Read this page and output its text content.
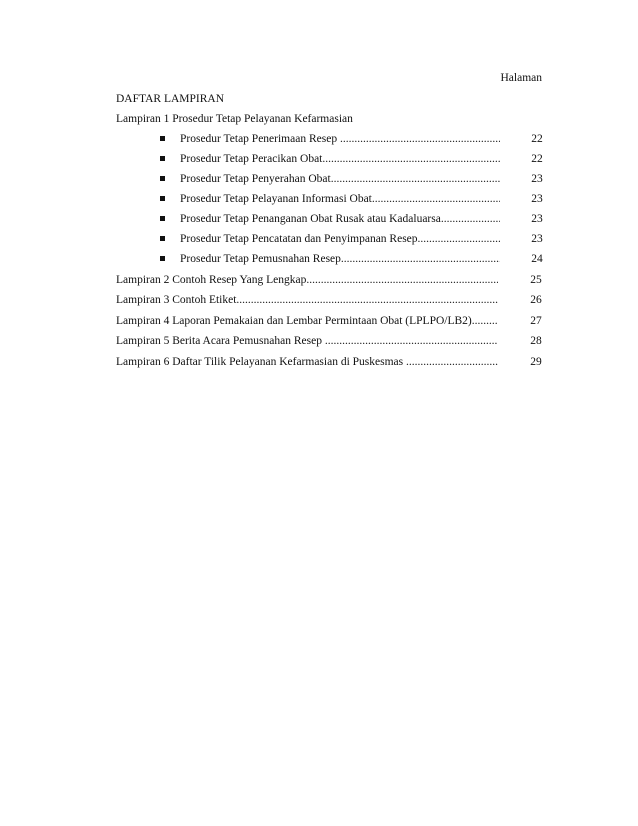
Halaman
DAFTAR LAMPIRAN
Lampiran 1 Prosedur Tetap Pelayanan Kefarmasian
Prosedur Tetap Penerimaan Resep .....	22
Prosedur Tetap Peracikan Obat .....	22
Prosedur Tetap Penyerahan Obat .....	23
Prosedur Tetap Pelayanan Informasi Obat .....	23
Prosedur Tetap Penanganan Obat Rusak atau Kadaluarsa .....	23
Prosedur Tetap Pencatatan dan Penyimpanan Resep .....	23
Prosedur Tetap Pemusnahan Resep .....	24
Lampiran 2 Contoh Resep Yang Lengkap .....	25
Lampiran 3 Contoh Etiket .....	26
Lampiran 4 Laporan Pemakaian dan Lembar Permintaan Obat (LPLPO/LB2) .....	27
Lampiran 5 Berita Acara Pemusnahan Resep .....	28
Lampiran 6 Daftar Tilik Pelayanan Kefarmasian di Puskesmas .....	29
